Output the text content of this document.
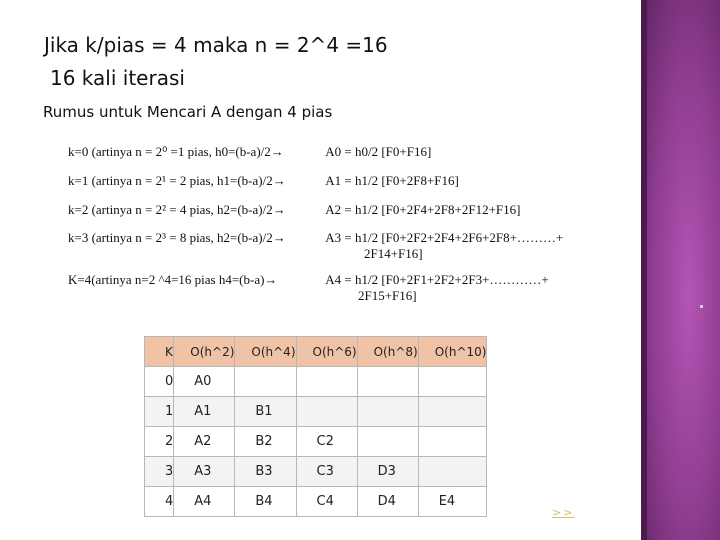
Jika k/pias = 4 maka n = 2^4 =16
16 kali iterasi
Rumus untuk Mencari A dengan 4 pias
k=0 (artinya n = 2⁰ =1 pias, h0=(b-a)/2→	A0 = h0/2 [F0+F16]
k=1 (artinya n = 2¹ = 2 pias, h1=(b-a)/2→	A1 = h1/2 [F0+2F8+F16]
k=2 (artinya n = 2² = 4 pias, h2=(b-a)/2→	A2 = h1/2 [F0+2F4+2F8+2F12+F16]
k=3 (artinya n = 2³ = 8 pias, h2=(b-a)/2→	A3 = h1/2 [F0+2F2+2F4+2F6+2F8+………+
2F14+F16]
K=4(artinya n=2 ^4=16 pias h4=(b-a)→	A4 = h1/2 [F0+2F1+2F2+2F3+…………+
2F15+F16]
K	O(h^2)	O(h^4)	O(h^6)	O(h^8)	O(h^10)
0	A0				
1	A1	B1			
2	A2	B2	C2		
3	A3	B3	C3	D3	
4	A4	B4	C4	D4	E4
>>
